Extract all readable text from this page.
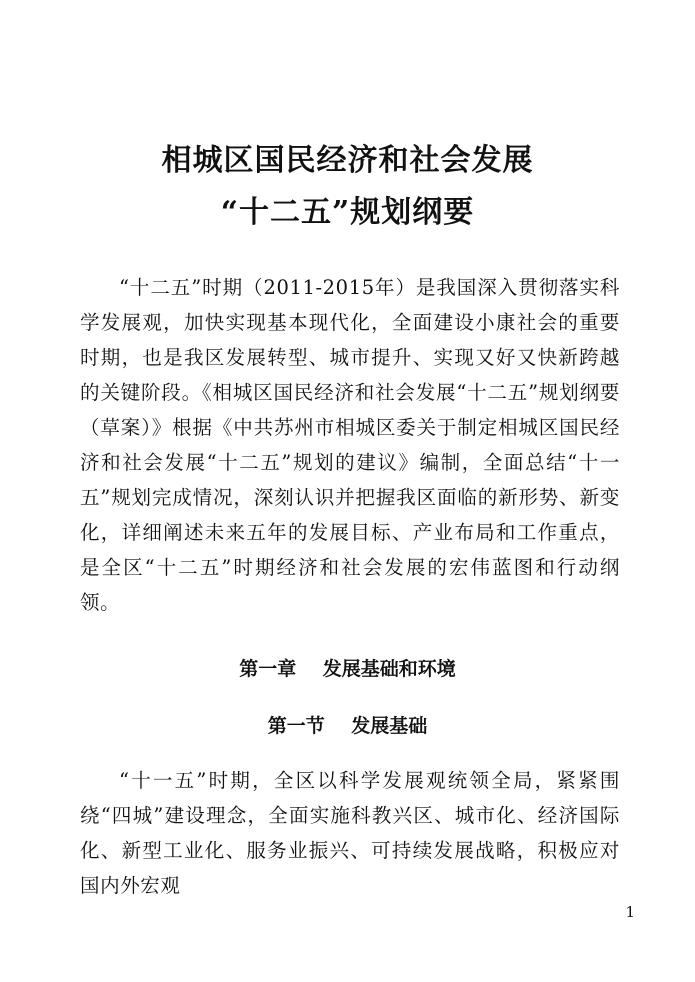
相城区国民经济和社会发展
“十二五”规划纲要
“十二五”时期（2011-2015年）是我国深入贯彻落实科学发展观，加快实现基本现代化，全面建设小康社会的重要时期，也是我区发展转型、城市提升、实现又好又快新跨越的关键阶段。《相城区国民经济和社会发展“十二五”规划纲要（草案）》根据《中共苏州市相城区委关于制定相城区国民经济和社会发展“十二五”规划的建议》编制，全面总结“十一五”规划完成情况，深刻认识并把握我区面临的新形势、新变化，详细阐述未来五年的发展目标、产业布局和工作重点，是全区“十二五”时期经济和社会发展的宏伟蓝图和行动纲领。
第一章    发展基础和环境
第一节    发展基础
“十一五”时期，全区以科学发展观统领全局，紧紧围绕“四城”建设理念，全面实施科教兴区、城市化、经济国际化、新型工业化、服务业振兴、可持续发展战略，积极应对国内外宏观
1
